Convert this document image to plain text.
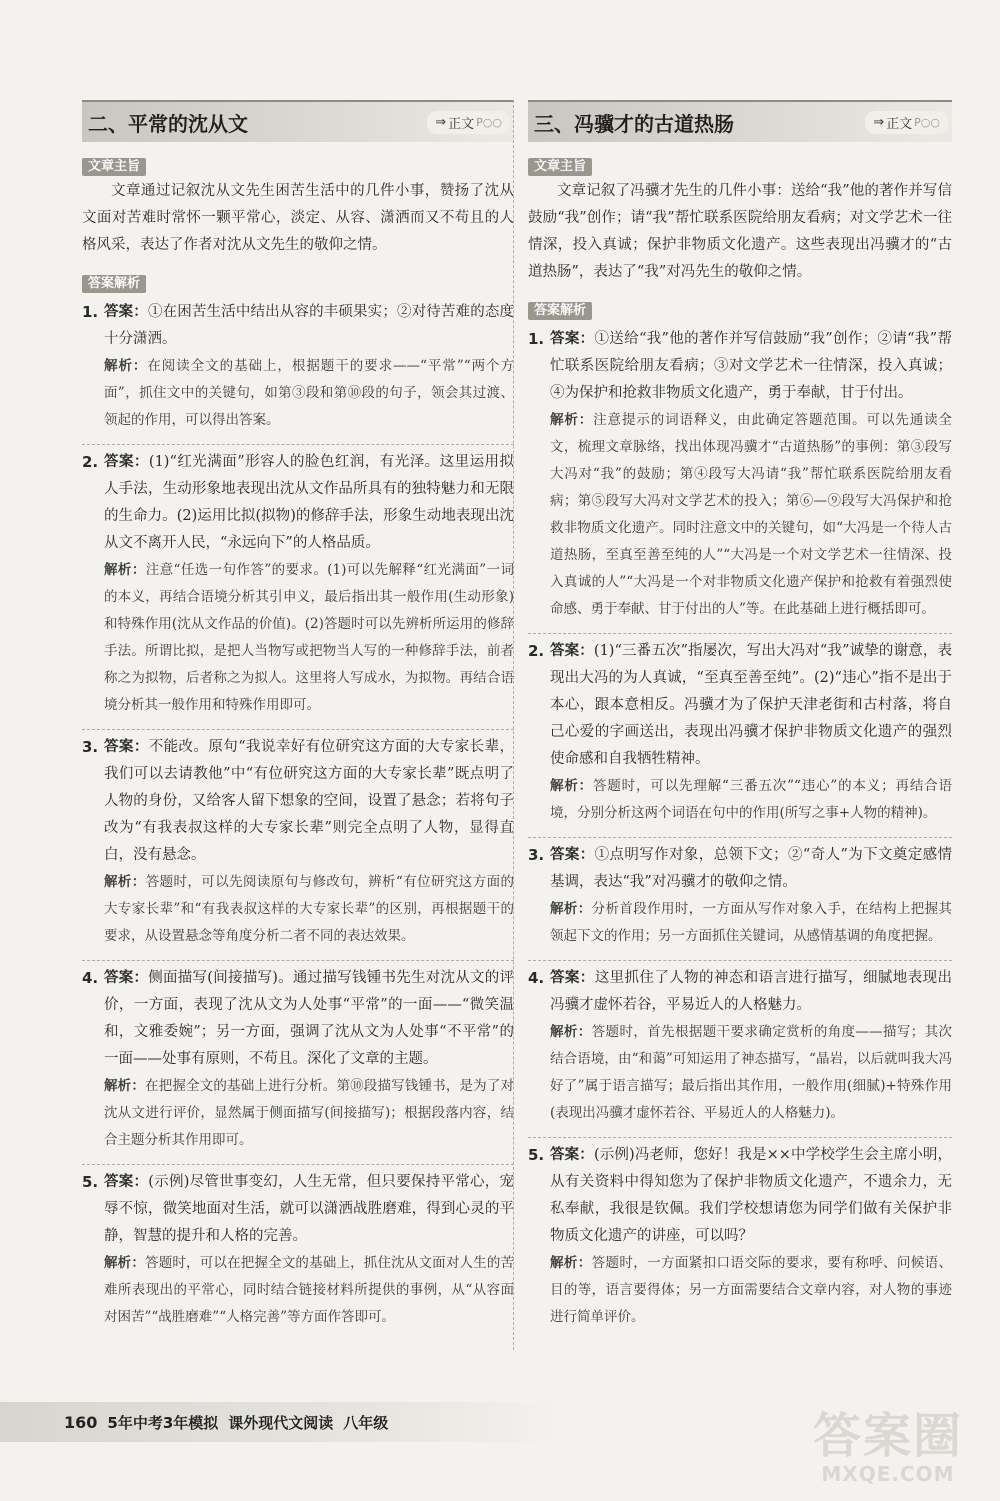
二、平常的沈从文	⇒ 正文 P○○
文章主旨

文章通过记叙沈从文先生困苦生活中的几件小事，赞扬了沈从文面对苦难时常怀一颗平常心，淡定、从容、潇洒而又不苟且的人格风采，表达了作者对沈从文先生的敬仰之情。

答案解析
1. 答案：①在困苦生活中结出从容的丰硕果实；②对待苦难的态度十分潇洒。

解析：在阅读全文的基础上，根据题干的要求——“平常”“两个方面”，抓住文中的关键句，如第③段和第⑩段的句子，领会其过渡、领起的作用，可以得出答案。

2. 答案：(1)“红光满面”形容人的脸色红润，有光泽。这里运用拟人手法，生动形象地表现出沈从文作品所具有的独特魅力和无限的生命力。(2)运用比拟(拟物)的修辞手法，形象生动地表现出沈从文不离开人民，“永远向下”的人格品质。

解析：注意“任选一句作答”的要求。(1)可以先解释“红光满面”一词的本义，再结合语境分析其引申义，最后指出其一般作用(生动形象)和特殊作用(沈从文作品的价值)。(2)答题时可以先辨析所运用的修辞手法。所谓比拟，是把人当物写或把物当人写的一种修辞手法，前者称之为拟物，后者称之为拟人。这里将人写成水，为拟物。再结合语境分析其一般作用和特殊作用即可。

3. 答案：不能改。原句“我说幸好有位研究这方面的大专家长辈，我们可以去请教他”中“有位研究这方面的大专家长辈”既点明了人物的身份，又给客人留下想象的空间，设置了悬念；若将句子改为“有我表叔这样的大专家长辈”则完全点明了人物，显得直白，没有悬念。

解析：答题时，可以先阅读原句与修改句，辨析“有位研究这方面的大专家长辈”和“有我表叔这样的大专家长辈”的区别，再根据题干的要求，从设置悬念等角度分析二者不同的表达效果。

4. 答案：侧面描写(间接描写)。通过描写钱锺书先生对沈从文的评价，一方面，表现了沈从文为人处事“平常”的一面——“微笑温和，文雅委婉”；另一方面，强调了沈从文为人处事“不平常”的一面——处事有原则，不苟且。深化了文章的主题。

解析：在把握全文的基础上进行分析。第⑩段描写钱锺书，是为了对沈从文进行评价，显然属于侧面描写(间接描写)；根据段落内容，结合主题分析其作用即可。

5. 答案：(示例)尽管世事变幻，人生无常，但只要保持平常心，宠辱不惊，微笑地面对生活，就可以潇洒战胜磨难，得到心灵的平静，智慧的提升和人格的完善。

解析：答题时，可以在把握全文的基础上，抓住沈从文面对人生的苦难所表现出的平常心，同时结合链接材料所提供的事例，从“从容面对困苦”“战胜磨难”“人格完善”等方面作答即可。

三、冯骥才的古道热肠	⇒ 正文 P○○
文章主旨

文章记叙了冯骥才先生的几件小事：送给“我”他的著作并写信鼓励“我”创作；请“我”帮忙联系医院给朋友看病；对文学艺术一往情深，投入真诚；保护非物质文化遗产。这些表现出冯骥才的“古道热肠”，表达了“我”对冯先生的敬仰之情。

答案解析
1. 答案：①送给“我”他的著作并写信鼓励“我”创作；②请“我”帮忙联系医院给朋友看病；③对文学艺术一往情深，投入真诚；④为保护和抢救非物质文化遗产，勇于奉献，甘于付出。

解析：注意提示的词语释义，由此确定答题范围。可以先通读全文，梳理文章脉络，找出体现冯骥才“古道热肠”的事例：第③段写大冯对“我”的鼓励；第④段写大冯请“我”帮忙联系医院给朋友看病；第⑤段写大冯对文学艺术的投入；第⑥—⑨段写大冯保护和抢救非物质文化遗产。同时注意文中的关键句，如“大冯是一个待人古道热肠，至真至善至纯的人”“大冯是一个对文学艺术一往情深、投入真诚的人”“大冯是一个对非物质文化遗产保护和抢救有着强烈使命感、勇于奉献、甘于付出的人”等。在此基础上进行概括即可。

2. 答案：(1)“三番五次”指屡次，写出大冯对“我”诚挚的谢意，表现出大冯的为人真诚，“至真至善至纯”。(2)“违心”指不是出于本心，跟本意相反。冯骥才为了保护天津老街和古村落，将自己心爱的字画送出，表现出冯骥才保护非物质文化遗产的强烈使命感和自我牺牲精神。

解析：答题时，可以先理解“三番五次”“违心”的本义；再结合语境，分别分析这两个词语在句中的作用(所写之事+人物的精神)。

3. 答案：①点明写作对象，总领下文；②“奇人”为下文奠定感情基调，表达“我”对冯骥才的敬仰之情。

解析：分析首段作用时，一方面从写作对象入手，在结构上把握其领起下文的作用；另一方面抓住关键词，从感情基调的角度把握。

4. 答案：这里抓住了人物的神态和语言进行描写，细腻地表现出冯骥才虚怀若谷，平易近人的人格魅力。

解析：答题时，首先根据题干要求确定赏析的角度——描写；其次结合语境，由“和蔼”可知运用了神态描写，“晶岩，以后就叫我大冯好了”属于语言描写；最后指出其作用，一般作用(细腻)+特殊作用(表现出冯骥才虚怀若谷、平易近人的人格魅力)。

5. 答案：(示例)冯老师，您好！我是××中学校学生会主席小明，从有关资料中得知您为了保护非物质文化遗产，不遗余力，无私奉献，我很是钦佩。我们学校想请您为同学们做有关保护非物质文化遗产的讲座，可以吗？

解析：答题时，一方面紧扣口语交际的要求，要有称呼、问候语、目的等，语言要得体；另一方面需要结合文章内容，对人物的事迹进行简单评价。

160 5年中考3年模拟 课外现代文阅读 八年级	答案圈
MXQE.COM
